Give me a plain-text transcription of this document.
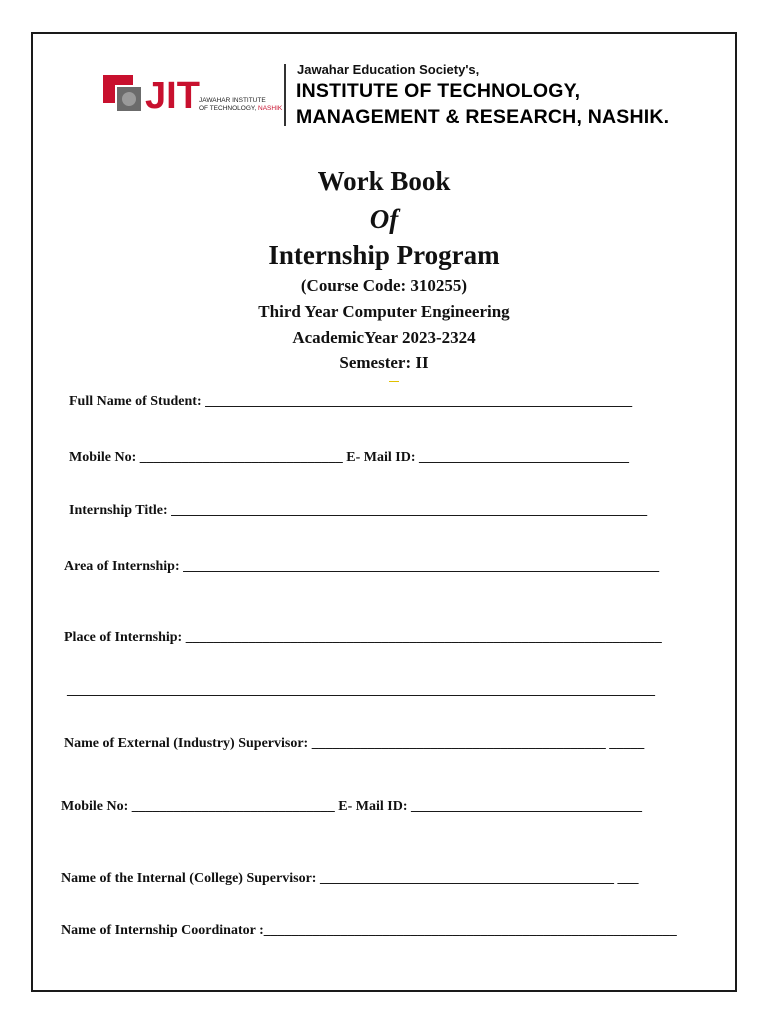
JIT JAWAHAR INSTITUTE
OF TECHNOLOGY, NASHIK
Jawahar Education Society's,
INSTITUTE OF TECHNOLOGY,
MANAGEMENT & RESEARCH, NASHIK.
Work Book
Of
Internship Program
(Course Code: 310255)
Third Year Computer Engineering
AcademicYear 2023-2324
Semester: II
Full Name of Student: _____________________________________________________________
Mobile No: _____________________________ E- Mail ID: ______________________________
Internship Title: ____________________________________________________________________
Area of Internship: ____________________________________________________________________
Place of Internship: ____________________________________________________________________
____________________________________________________________________________________
Name of External (Industry) Supervisor: __________________________________________ _____
Mobile No: _____________________________ E- Mail ID: _________________________________
Name of the Internal (College) Supervisor: __________________________________________ ___
Name of Internship Coordinator :___________________________________________________________
